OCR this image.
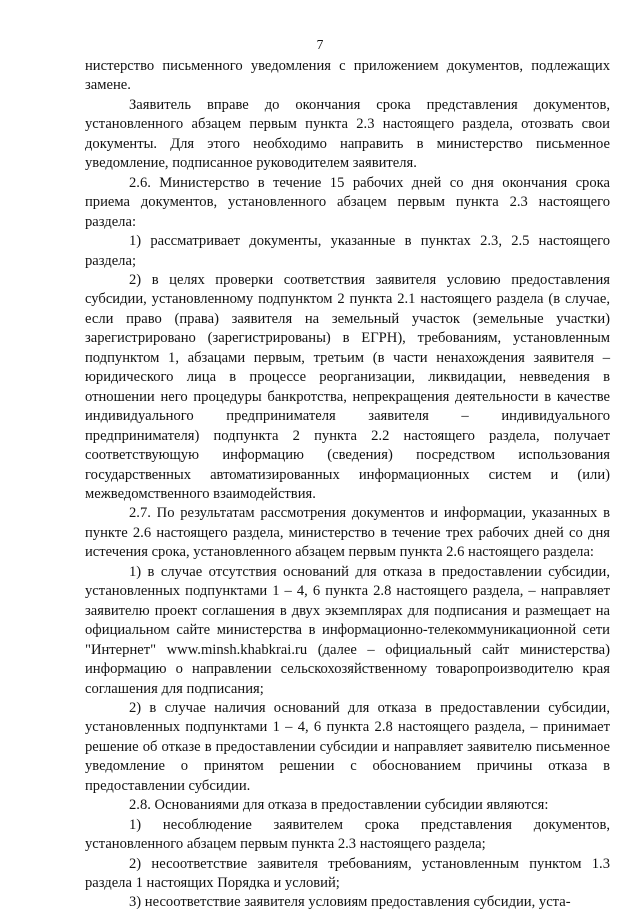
7

нистерство письменного уведомления с приложением документов, подлежащих замене.

Заявитель вправе до окончания срока представления документов, установленного абзацем первым пункта 2.3 настоящего раздела, отозвать свои документы. Для этого необходимо направить в министерство письменное уведомление, подписанное руководителем заявителя.

2.6. Министерство в течение 15 рабочих дней со дня окончания срока приема документов, установленного абзацем первым пункта 2.3 настоящего раздела:

1) рассматривает документы, указанные в пунктах 2.3, 2.5 настоящего раздела;

2) в целях проверки соответствия заявителя условию предоставления субсидии, установленному подпунктом 2 пункта 2.1 настоящего раздела (в случае, если право (права) заявителя на земельный участок (земельные участки) зарегистрировано (зарегистрированы) в ЕГРН), требованиям, установленным подпунктом 1, абзацами первым, третьим (в части ненахождения заявителя – юридического лица в процессе реорганизации, ликвидации, невведения в отношении него процедуры банкротства, непрекращения деятельности в качестве индивидуального предпринимателя заявителя – индивидуального предпринимателя) подпункта 2 пункта 2.2 настоящего раздела, получает соответствующую информацию (сведения) посредством использования государственных автоматизированных информационных систем и (или) межведомственного взаимодействия.

2.7. По результатам рассмотрения документов и информации, указанных в пункте 2.6 настоящего раздела, министерство в течение трех рабочих дней со дня истечения срока, установленного абзацем первым пункта 2.6 настоящего раздела:

1) в случае отсутствия оснований для отказа в предоставлении субсидии, установленных подпунктами 1 – 4, 6 пункта 2.8 настоящего раздела, – направляет заявителю проект соглашения в двух экземплярах для подписания и размещает на официальном сайте министерства в информационно-телекоммуникационной сети "Интернет" www.minsh.khabkrai.ru (далее – официальный сайт министерства) информацию о направлении сельскохозяйственному товаропроизводителю края соглашения для подписания;

2) в случае наличия оснований для отказа в предоставлении субсидии, установленных подпунктами 1 – 4, 6 пункта 2.8 настоящего раздела, – принимает решение об отказе в предоставлении субсидии и направляет заявителю письменное уведомление о принятом решении с обоснованием причины отказа в предоставлении субсидии.

2.8. Основаниями для отказа в предоставлении субсидии являются:

1) несоблюдение заявителем срока представления документов, установленного абзацем первым пункта 2.3 настоящего раздела;

2) несоответствие заявителя требованиям, установленным пунктом 1.3 раздела 1 настоящих Порядка и условий;

3) несоответствие заявителя условиям предоставления субсидии, уста-
